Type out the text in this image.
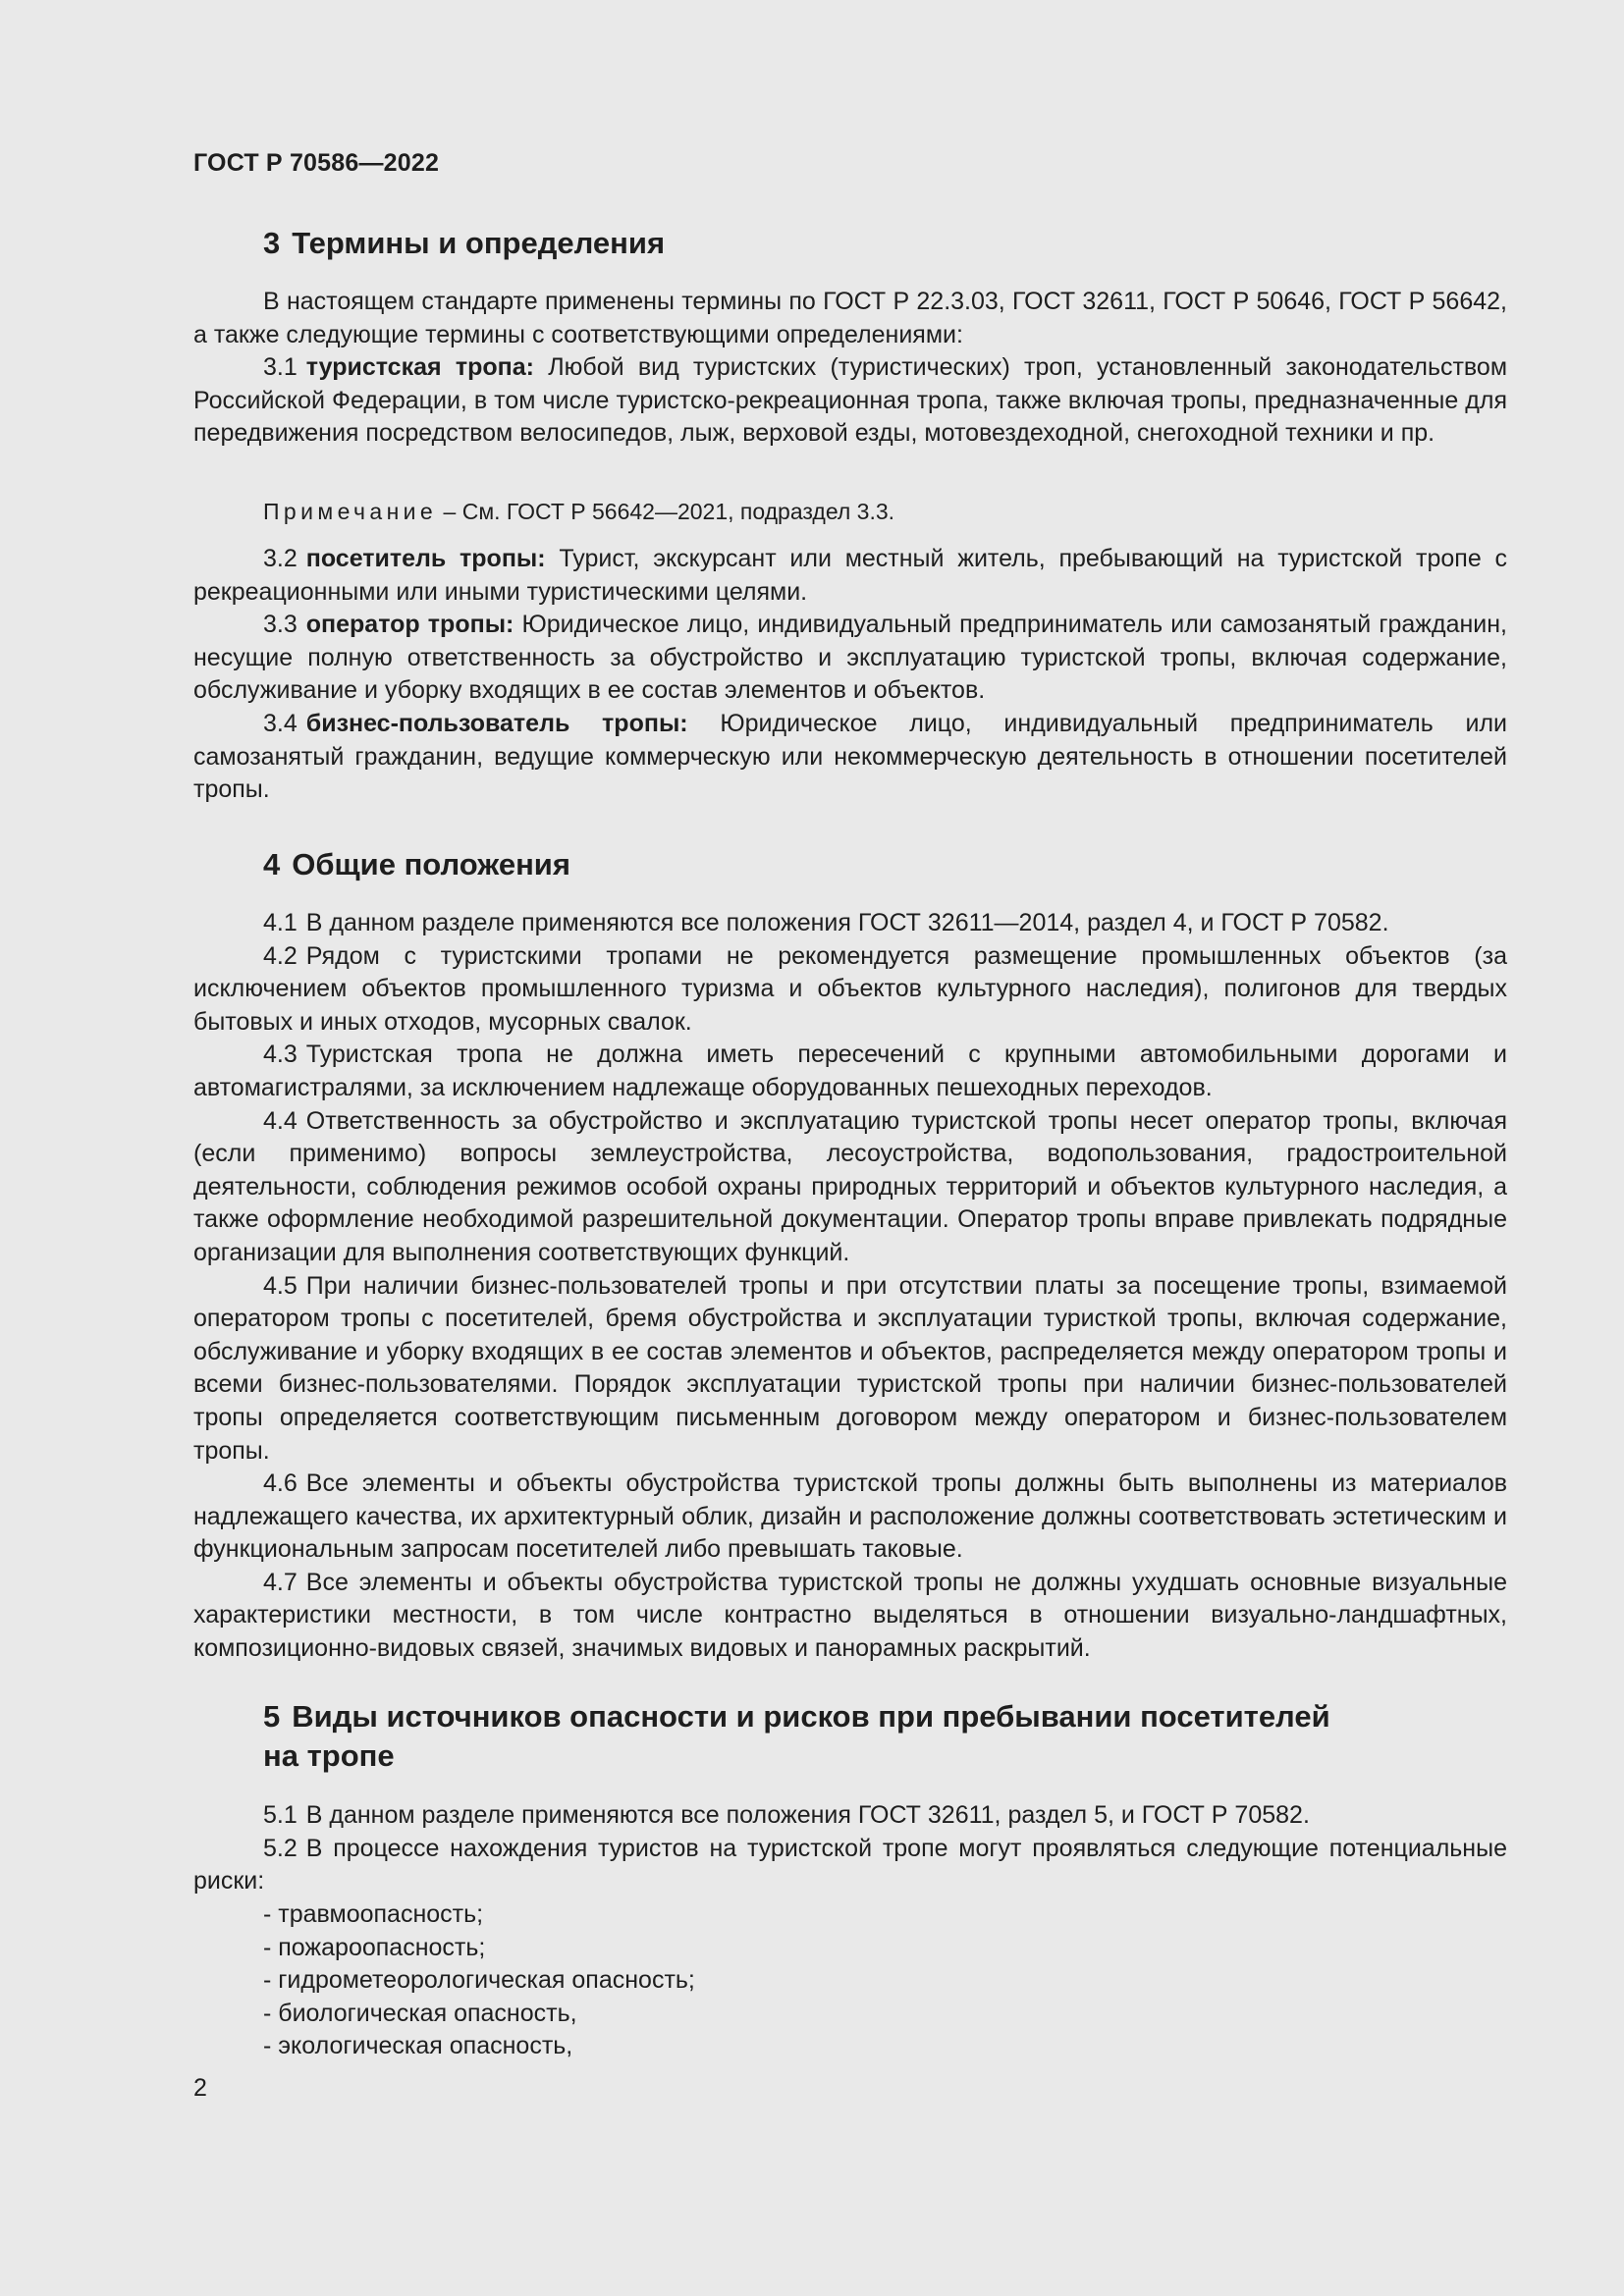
ГОСТ Р 70586—2022
3 Термины и определения

В настоящем стандарте применены термины по ГОСТ Р 22.3.03, ГОСТ 32611, ГОСТ Р 50646, ГОСТ Р 56642, а также следующие термины с соответствующими определениями:

3.1 туристская тропа: Любой вид туристских (туристических) троп, установленный законодательством Российской Федерации, в том числе туристско-рекреационная тропа, также включая тропы, предназначенные для передвижения посредством велосипедов, лыж, верховой езды, мотовездеходной, снегоходной техники и пр.

Примечание – См. ГОСТ Р 56642—2021, подраздел 3.3.

3.2 посетитель тропы: Турист, экскурсант или местный житель, пребывающий на туристской тропе с рекреационными или иными туристическими целями.

3.3 оператор тропы: Юридическое лицо, индивидуальный предприниматель или самозанятый гражданин, несущие полную ответственность за обустройство и эксплуатацию туристской тропы, включая содержание, обслуживание и уборку входящих в ее состав элементов и объектов.

3.4 бизнес-пользователь тропы: Юридическое лицо, индивидуальный предприниматель или самозанятый гражданин, ведущие коммерческую или некоммерческую деятельность в отношении посетителей тропы.

4 Общие положения

4.1 В данном разделе применяются все положения ГОСТ 32611—2014, раздел 4, и ГОСТ Р 70582.

4.2 Рядом с туристскими тропами не рекомендуется размещение промышленных объектов (за исключением объектов промышленного туризма и объектов культурного наследия), полигонов для твердых бытовых и иных отходов, мусорных свалок.

4.3 Туристская тропа не должна иметь пересечений с крупными автомобильными дорогами и автомагистралями, за исключением надлежаще оборудованных пешеходных переходов.

4.4 Ответственность за обустройство и эксплуатацию туристской тропы несет оператор тропы, включая (если применимо) вопросы землеустройства, лесоустройства, водопользования, градостроительной деятельности, соблюдения режимов особой охраны природных территорий и объектов культурного наследия, а также оформление необходимой разрешительной документации. Оператор тропы вправе привлекать подрядные организации для выполнения соответствующих функций.

4.5 При наличии бизнес-пользователей тропы и при отсутствии платы за посещение тропы, взимаемой оператором тропы с посетителей, бремя обустройства и эксплуатации туристкой тропы, включая содержание, обслуживание и уборку входящих в ее состав элементов и объектов, распределяется между оператором тропы и всеми бизнес-пользователями. Порядок эксплуатации туристской тропы при наличии бизнес-пользователей тропы определяется соответствующим письменным договором между оператором и бизнес-пользователем тропы.

4.6 Все элементы и объекты обустройства туристской тропы должны быть выполнены из материалов надлежащего качества, их архитектурный облик, дизайн и расположение должны соответствовать эстетическим и функциональным запросам посетителей либо превышать таковые.

4.7 Все элементы и объекты обустройства туристской тропы не должны ухудшать основные визуальные характеристики местности, в том числе контрастно выделяться в отношении визуально-ландшафтных, композиционно-видовых связей, значимых видовых и панорамных раскрытий.

5 Виды источников опасности и рисков при пребывании посетителей
на тропе

5.1 В данном разделе применяются все положения ГОСТ 32611, раздел 5, и ГОСТ Р 70582.

5.2 В процессе нахождения туристов на туристской тропе могут проявляться следующие потенциальные риски:

- травмоопасность;
- пожароопасность;
- гидрометеорологическая опасность;
- биологическая опасность,
- экологическая опасность,
2
